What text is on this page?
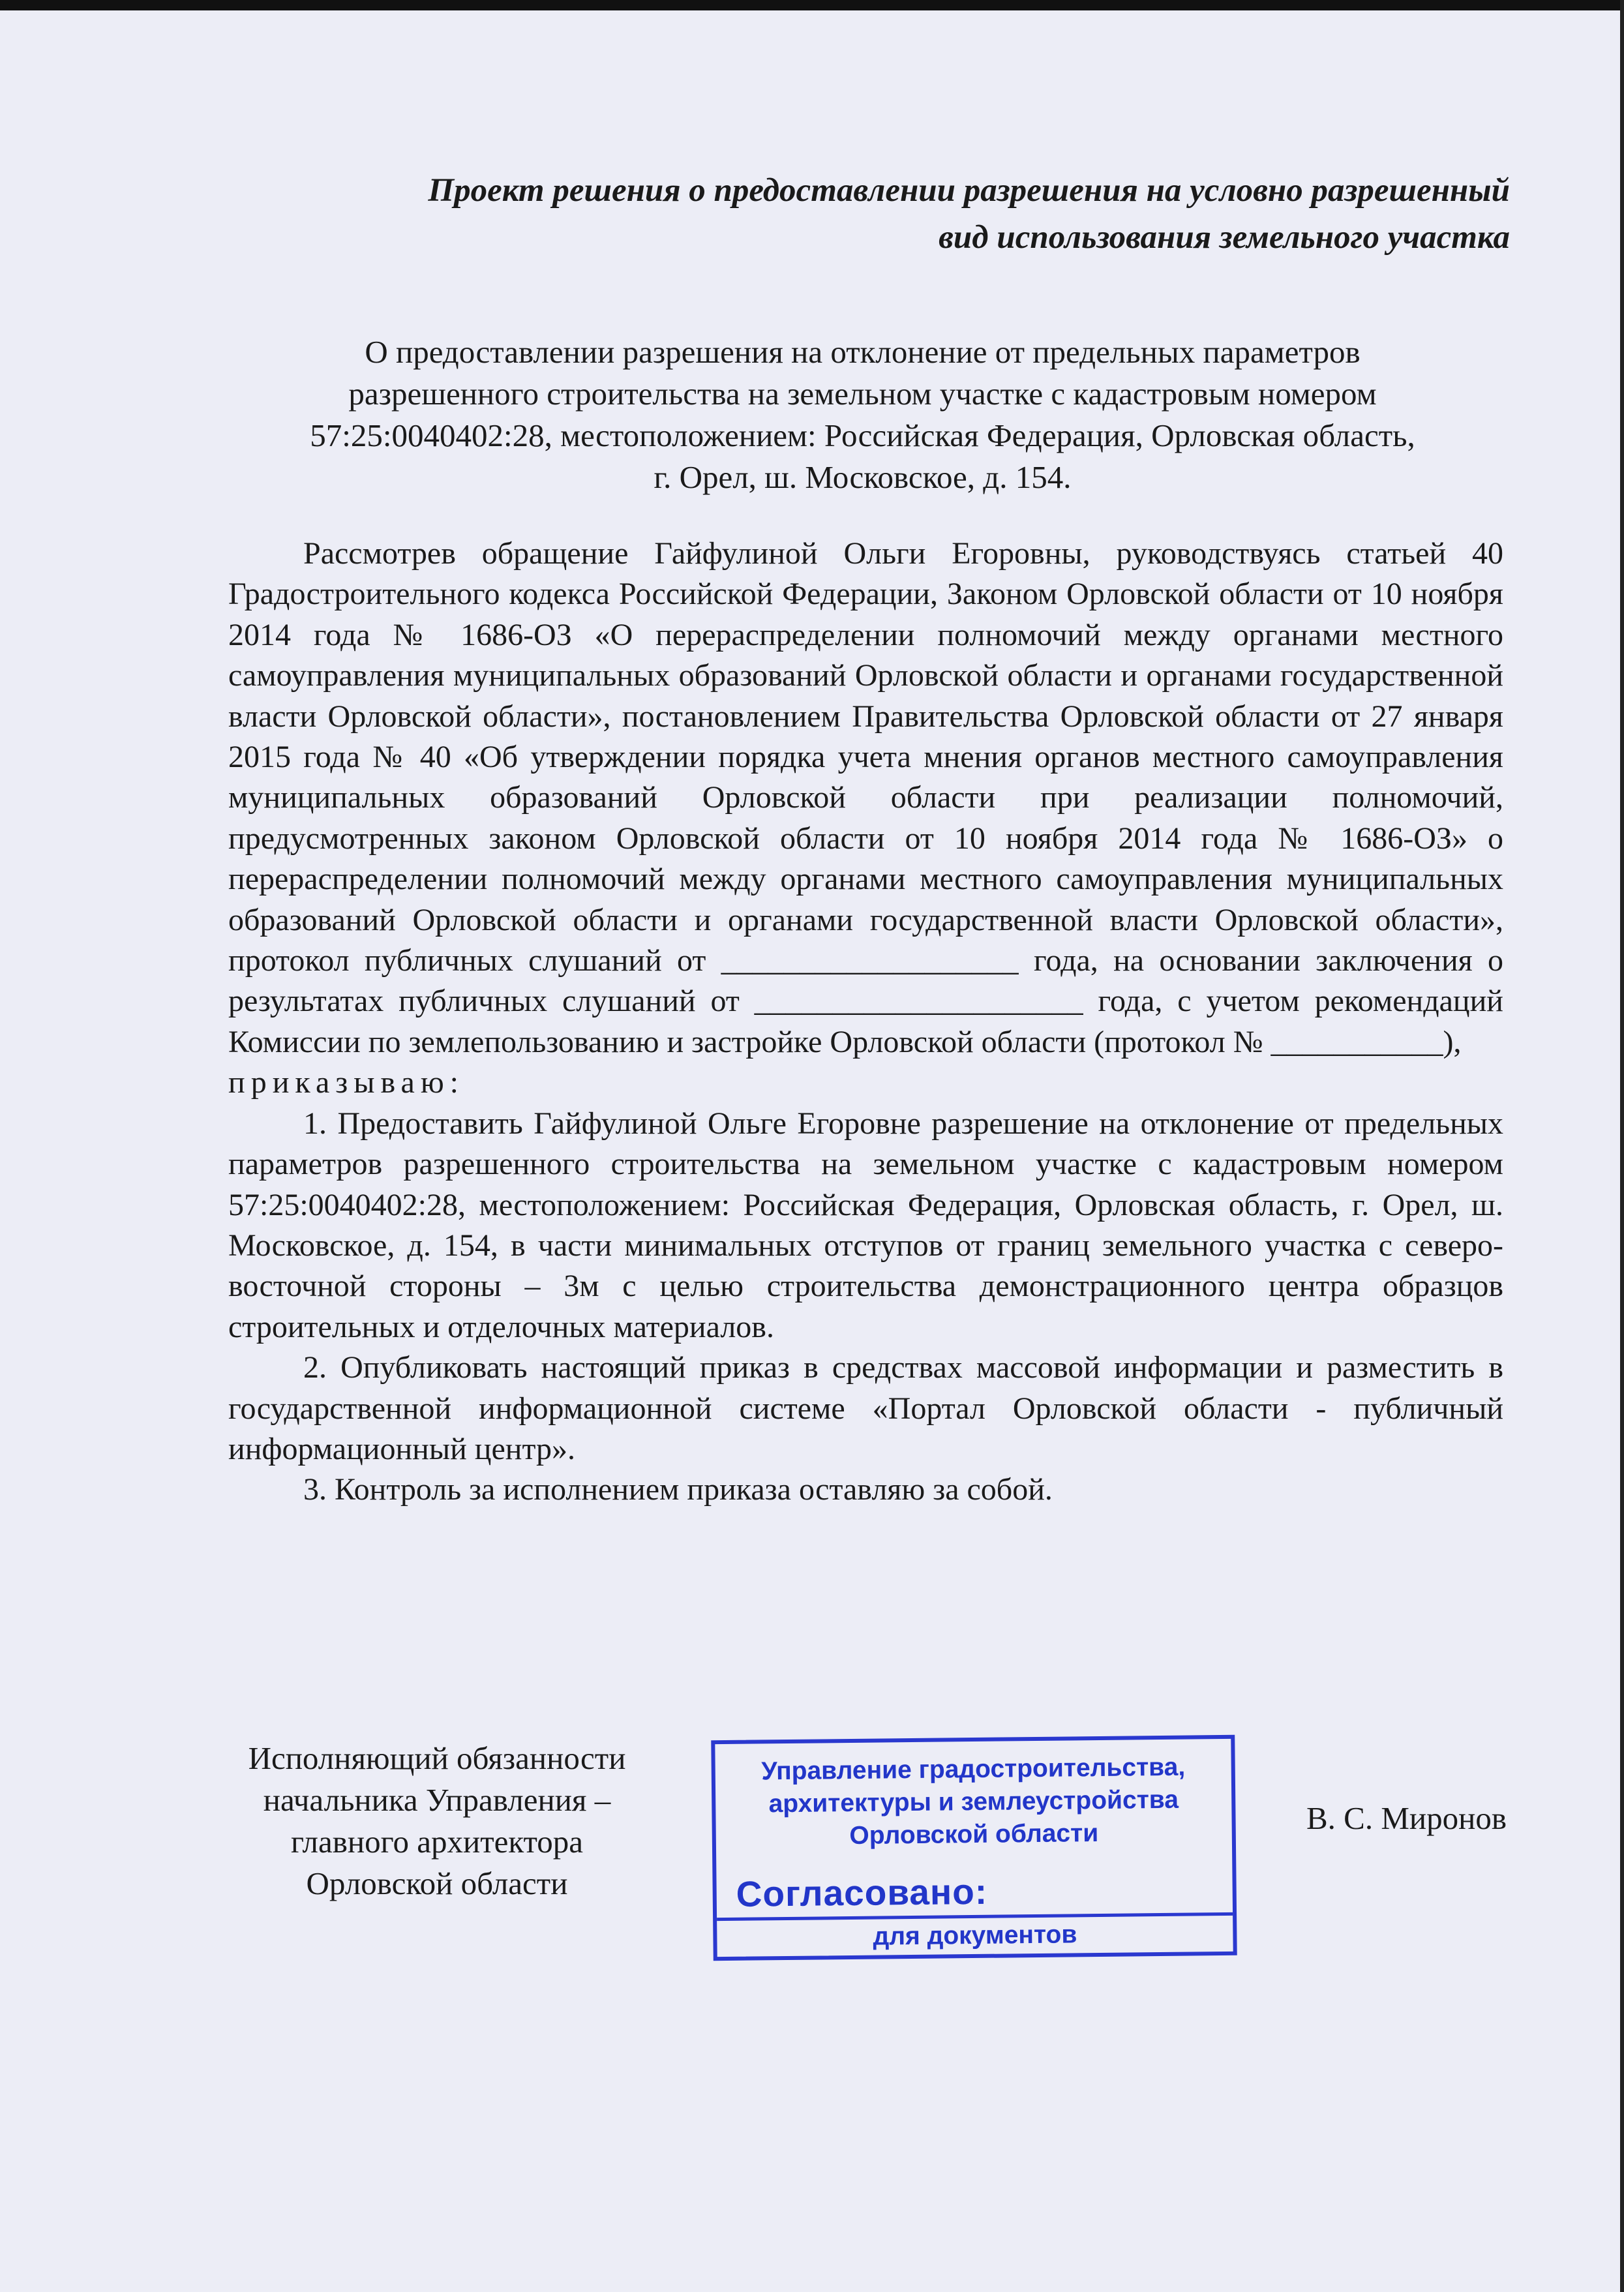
Проект решения о предоставлении разрешения на условно разрешенный
вид использования земельного участка
О предоставлении разрешения на отклонение от предельных параметров
разрешенного строительства на земельном участке с кадастровым номером
57:25:0040402:28, местоположением: Российская Федерация, Орловская область,
г. Орел, ш. Московское, д. 154.

Рассмотрев обращение Гайфулиной Ольги Егоровны, руководствуясь статьей 40 Градостроительного кодекса Российской Федерации, Законом Орловской области от 10 ноября 2014 года № 1686-ОЗ «О перераспределении полномочий между органами местного самоуправления муниципальных образований Орловской области и органами государственной власти Орловской области», постановлением Правительства Орловской области от 27 января 2015 года № 40 «Об утверждении порядка учета мнения органов местного самоуправления муниципальных образований Орловской области при реализации полномочий, предусмотренных законом Орловской области от 10 ноября 2014 года № 1686-ОЗ» о перераспределении полномочий между органами местного самоуправления муниципальных образований Орловской области и органами государственной власти Орловской области», протокол публичных слушаний от ___________________ года, на основании заключения о результатах публичных слушаний от _____________________ года, с учетом рекомендаций Комиссии по землепользованию и застройке Орловской области (протокол № ___________),

приказываю:

1. Предоставить Гайфулиной Ольге Егоровне разрешение на отклонение от предельных параметров разрешенного строительства на земельном участке с кадастровым номером 57:25:0040402:28, местоположением: Российская Федерация, Орловская область, г. Орел, ш. Московское, д. 154, в части минимальных отступов от границ земельного участка с северо-восточной стороны – 3м с целью строительства демонстрационного центра образцов строительных и отделочных материалов.

2. Опубликовать настоящий приказ в средствах массовой информации и разместить в государственной информационной системе «Портал Орловской области - публичный информационный центр».

3. Контроль за исполнением приказа оставляю за собой.

Исполняющий обязанности

начальника Управления –

главного архитектора

Орловской области

Управление градостроительства,
архитектуры и землеустройства
Орловской области
Согласовано:
для документов
В. С. Миронов
